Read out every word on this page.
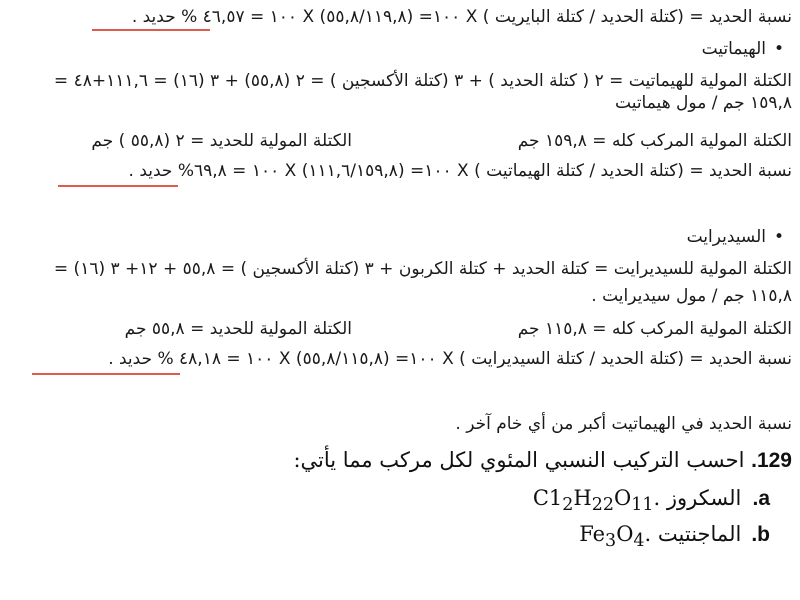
نسبة الحديد = (كتلة الحديد / كتلة البايريت ) X ١٠٠= (٥٥,٨/١١٩,٨) X ١٠٠ = ٤٦,٥٧ % حديد .
•الهيماتيت
الكتلة المولية للهيماتيت = ٢ ( كتلة الحديد ) + ٣ (كتلة الأكسجين ) = ٢ (٥٥,٨) + ٣ (١٦) = ١١١,٦+٤٨ =
١٥٩,٨ جم / مول هيماتيت
الكتلة المولية المركب كله = ١٥٩,٨ جم
الكتلة المولية للحديد = ٢ (٥٥,٨ ) جم
نسبة الحديد = (كتلة الحديد / كتلة الهيماتيت ) X ١٠٠= (١١١,٦/١٥٩,٨) X ١٠٠ = ٦٩,٨% حديد .
•السيديرايت
الكتلة المولية للسيديرايت = كتلة الحديد + كتلة الكربون + ٣ (كتلة الأكسجين ) = ٥٥,٨ + ١٢+ ٣ (١٦) =
١١٥,٨ جم / مول سيديرايت .
الكتلة المولية المركب كله = ١١٥,٨ جم
الكتلة المولية للحديد = ٥٥,٨ جم
نسبة الحديد = (كتلة الحديد / كتلة السيديرايت ) X ١٠٠= (٥٥,٨/١١٥,٨) X ١٠٠ = ٤٨,١٨ % حديد .
نسبة الحديد في الهيماتيت أكبر من أي خام آخر .
129. احسب التركيب النسبي المئوي لكل مركب مما يأتي:
a. السكروز $C1_2H_{22}O_{11}$.
b. الماجنتيت $Fe_3O_4$.
